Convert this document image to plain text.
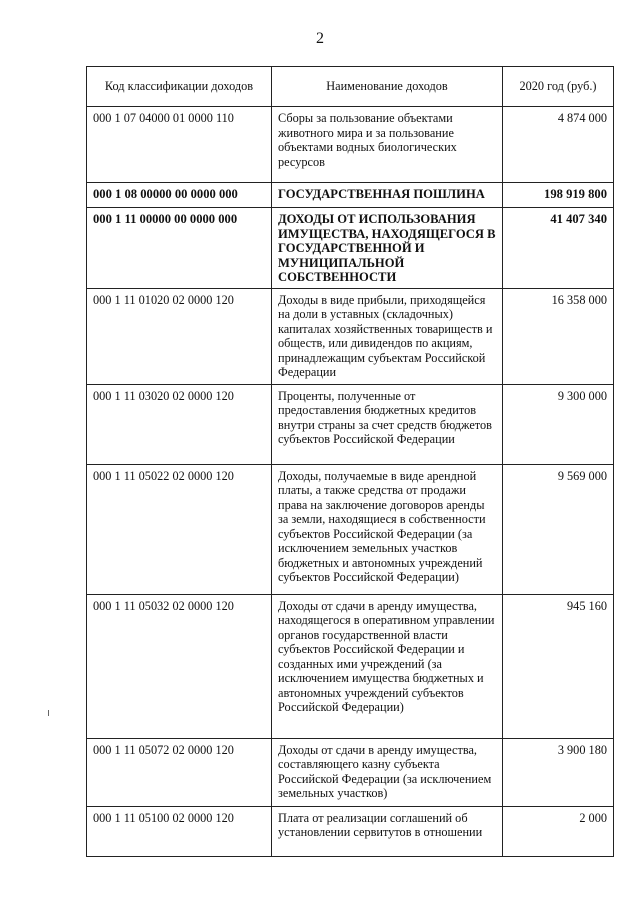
2
Код классификации доходов	Наименование доходов	2020 год (руб.)
000 1 07 04000 01 0000 110	Сборы за пользование объектами животного мира и за пользование объектами водных биологических ресурсов	4 874 000
000 1 08 00000 00 0000 000	ГОСУДАРСТВЕННАЯ ПОШЛИНА	198 919 800
000 1 11 00000 00 0000 000	ДОХОДЫ ОТ ИСПОЛЬЗОВАНИЯ ИМУЩЕСТВА, НАХОДЯЩЕГОСЯ В ГОСУДАРСТВЕННОЙ И МУНИЦИПАЛЬНОЙ СОБСТВЕННОСТИ	41 407 340
000 1 11 01020 02 0000 120	Доходы в виде прибыли, приходящейся на доли в уставных (складочных) капиталах хозяйственных товариществ и обществ, или дивидендов по акциям, принадлежащим субъектам Российской Федерации	16 358 000
000 1 11 03020 02 0000 120	Проценты, полученные от предоставления бюджетных кредитов внутри страны за счет средств бюджетов субъектов Российской Федерации	9 300 000
000 1 11 05022 02 0000 120	Доходы, получаемые в виде арендной платы, а также средства от продажи права на заключение договоров аренды за земли, находящиеся в собственности субъектов Российской Федерации (за исключением земельных участков бюджетных и автономных учреждений субъектов Российской Федерации)	9 569 000
000 1 11 05032 02 0000 120	Доходы от сдачи в аренду имущества, находящегося в оперативном управлении органов государственной власти субъектов Российской Федерации и созданных ими учреждений (за исключением имущества бюджетных и автономных учреждений субъектов Российской Федерации)	945 160
000 1 11 05072 02 0000 120	Доходы от сдачи в аренду имущества, составляющего казну субъекта Российской Федерации (за исключением земельных участков)	3 900 180
000 1 11 05100 02 0000 120	Плата от реализации соглашений об установлении сервитутов в отношении	2 000
